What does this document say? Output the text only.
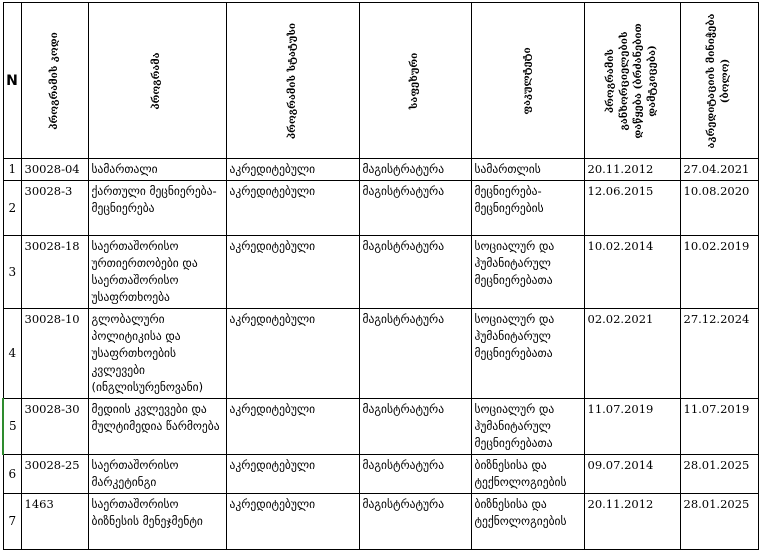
N	პროგრამის კოდი	პროგრამა	პროგრამის სტატუსი	საფეხური	ფაკულტეტი	პროგრამის განხორციელების დაწყება (ბრძანებით დამტკიცება)	აკრედიტაციის მინიჭება (ბოლო)

1	30028-04	სამართალი	აკრედიტებული	მაგისტრატურა	სამართლის	20.11.2012	27.04.2021
2	30028-3	ქართული მეცნიერება-მეცნიერება	აკრედიტებული	მაგისტრატურა	მეცნიერება-მეცნიერების	12.06.2015	10.08.2020
3	30028-18	საერთაშორისო ურთიერთობები და საერთაშორისო უსაფრთხოება	აკრედიტებული	მაგისტრატურა	სოციალურ და ჰუმანიტარულ მეცნიერებათა	10.02.2014	10.02.2019
4	30028-10	გლობალური პოლიტიკისა და უსაფრთხოების კვლევები (ინგლისურენოვანი)	აკრედიტებული	მაგისტრატურა	სოციალურ და ჰუმანიტარულ მეცნიერებათა	02.02.2021	27.12.2024
5	30028-30	მედიის კვლევები და მულტიმედია წარმოება	აკრედიტებული	მაგისტრატურა	სოციალურ და ჰუმანიტარულ მეცნიერებათა	11.07.2019	11.07.2019
6	30028-25	საერთაშორისო მარკეტინგი	აკრედიტებული	მაგისტრატურა	ბიზნესისა და ტექნოლოგიების	09.07.2014	28.01.2025
7	1463	საერთაშორისო ბიზნესის მენეჯმენტი	აკრედიტებული	მაგისტრატურა	ბიზნესისა და ტექნოლოგიების	20.11.2012	28.01.2025
